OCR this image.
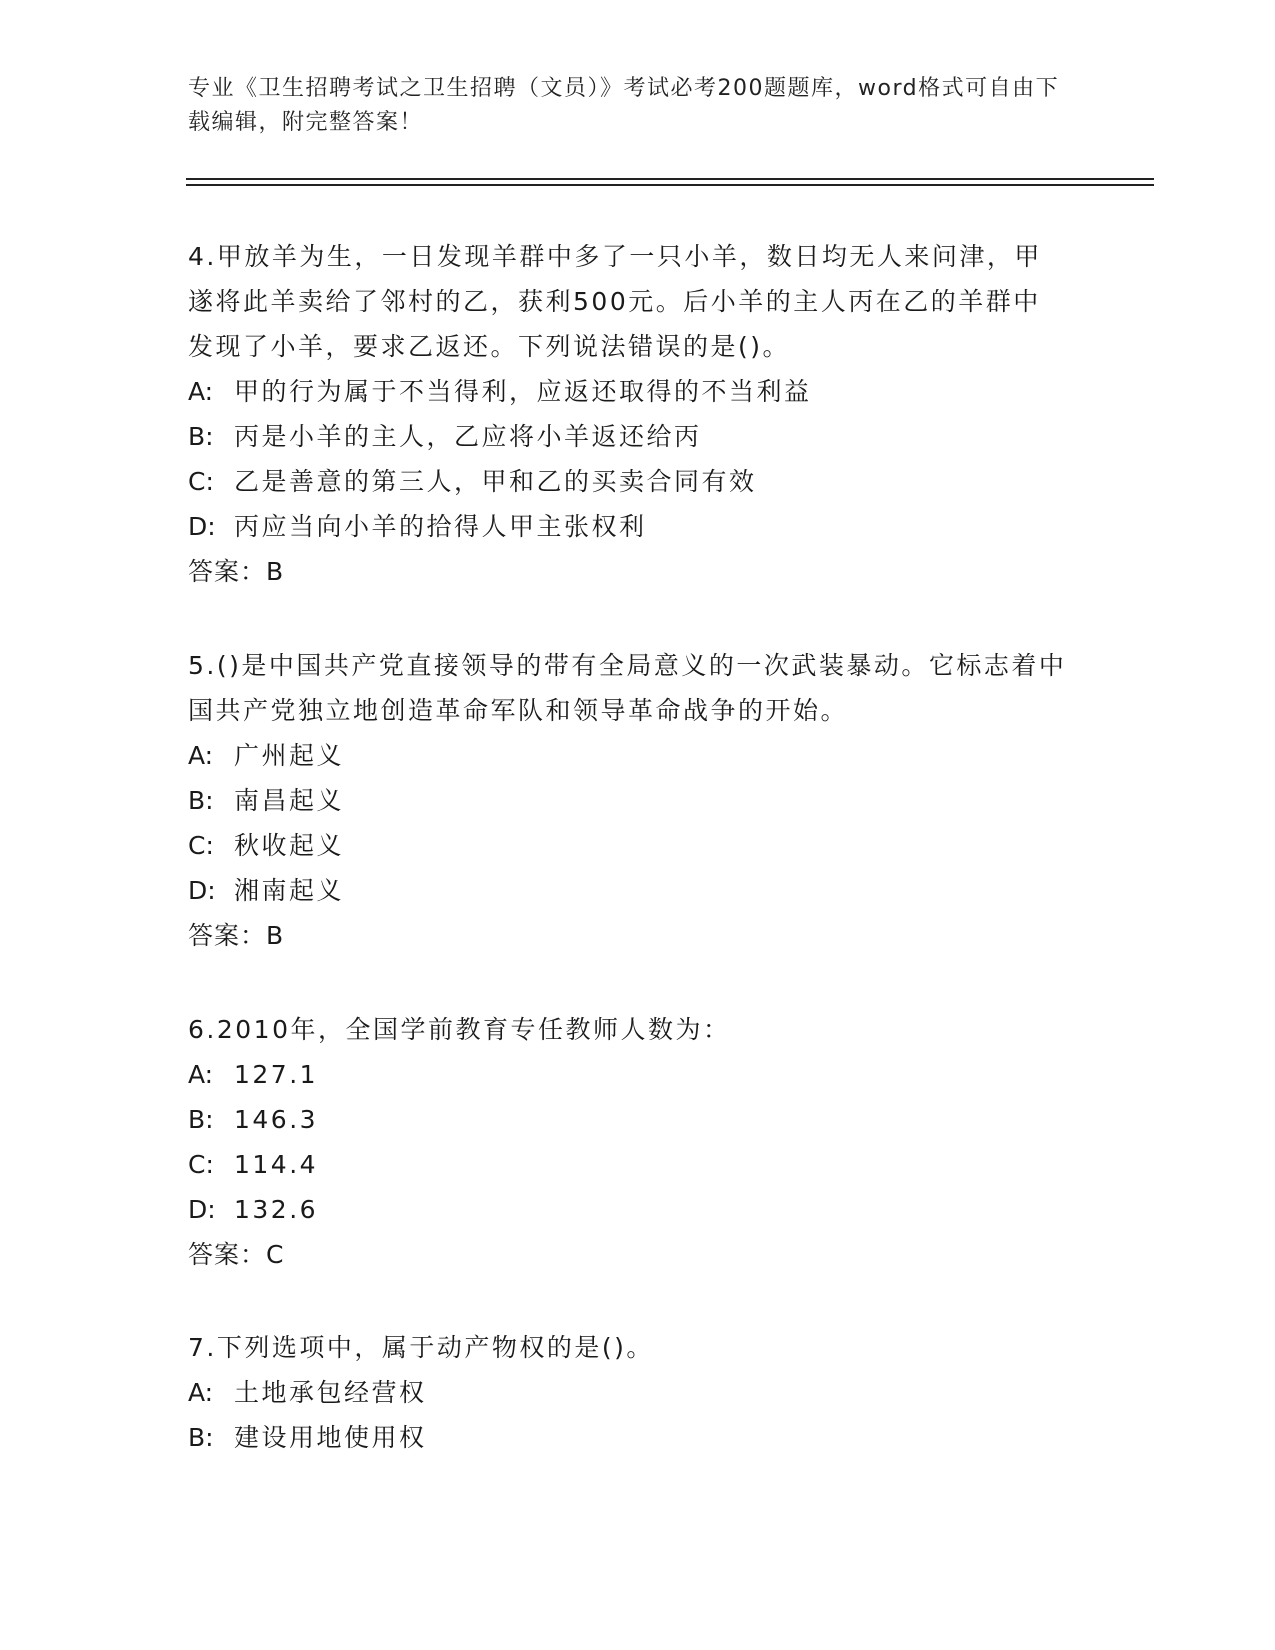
专业《卫生招聘考试之卫生招聘（文员）》考试必考200题题库，word格式可自由下载编辑，附完整答案！

4.甲放羊为生，一日发现羊群中多了一只小羊，数日均无人来问津，甲遂将此羊卖给了邻村的乙，获利500元。后小羊的主人丙在乙的羊群中发现了小羊，要求乙返还。下列说法错误的是()。

A: 甲的行为属于不当得利，应返还取得的不当利益

B: 丙是小羊的主人，乙应将小羊返还给丙

C: 乙是善意的第三人，甲和乙的买卖合同有效

D: 丙应当向小羊的拾得人甲主张权利

答案：B

5.()是中国共产党直接领导的带有全局意义的一次武装暴动。它标志着中国共产党独立地创造革命军队和领导革命战争的开始。

A: 广州起义

B: 南昌起义

C: 秋收起义

D: 湘南起义

答案：B

6.2010年，全国学前教育专任教师人数为：

A: 127.1

B: 146.3

C: 114.4

D: 132.6

答案：C

7.下列选项中，属于动产物权的是()。

A: 土地承包经营权

B: 建设用地使用权
